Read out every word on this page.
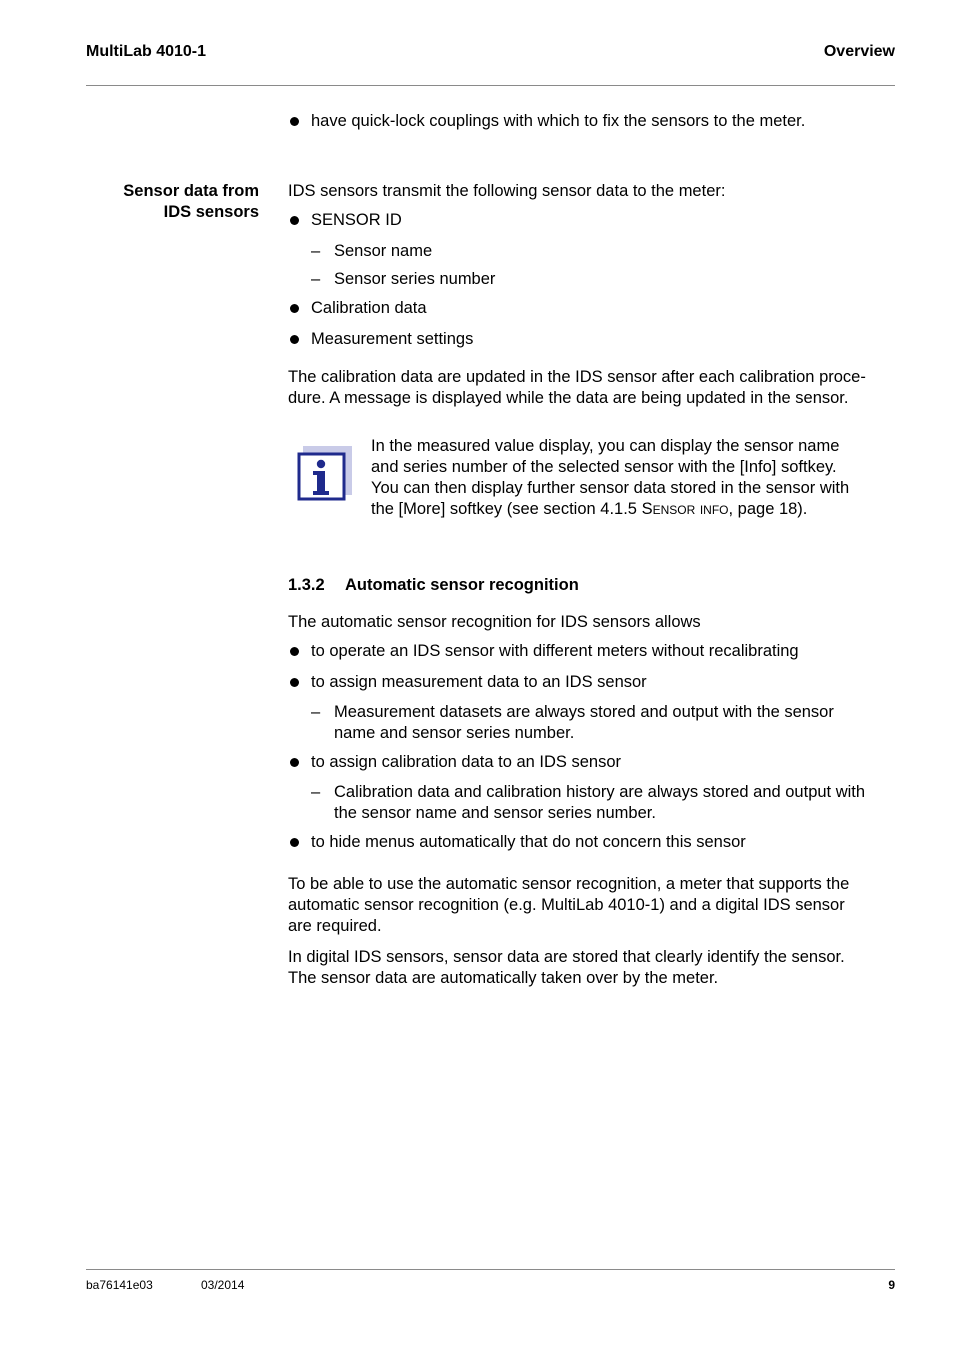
MultiLab 4010-1	Overview
have quick-lock couplings with which to fix the sensors to the meter.
Sensor data from
IDS sensors
IDS sensors transmit the following sensor data to the meter:
SENSOR ID
– Sensor name
– Sensor series number
Calibration data
Measurement settings
The calibration data are updated in the IDS sensor after each calibration proce-
dure. A message is displayed while the data are being updated in the sensor.
In the measured value display, you can display the sensor name
and series number of the selected sensor with the [Info] softkey.
You can then display further sensor data stored in the sensor with
the [More] softkey (see section 4.1.5 Sensor info, page 18).
1.3.2 Automatic sensor recognition
The automatic sensor recognition for IDS sensors allows
to operate an IDS sensor with different meters without recalibrating
to assign measurement data to an IDS sensor
– Measurement datasets are always stored and output with the sensor
name and sensor series number.
to assign calibration data to an IDS sensor
– Calibration data and calibration history are always stored and output with
the sensor name and sensor series number.
to hide menus automatically that do not concern this sensor
To be able to use the automatic sensor recognition, a meter that supports the
automatic sensor recognition (e.g. MultiLab 4010-1) and a digital IDS sensor
are required.
In digital IDS sensors, sensor data are stored that clearly identify the sensor.
The sensor data are automatically taken over by the meter.
ba76141e03	03/2014	9
